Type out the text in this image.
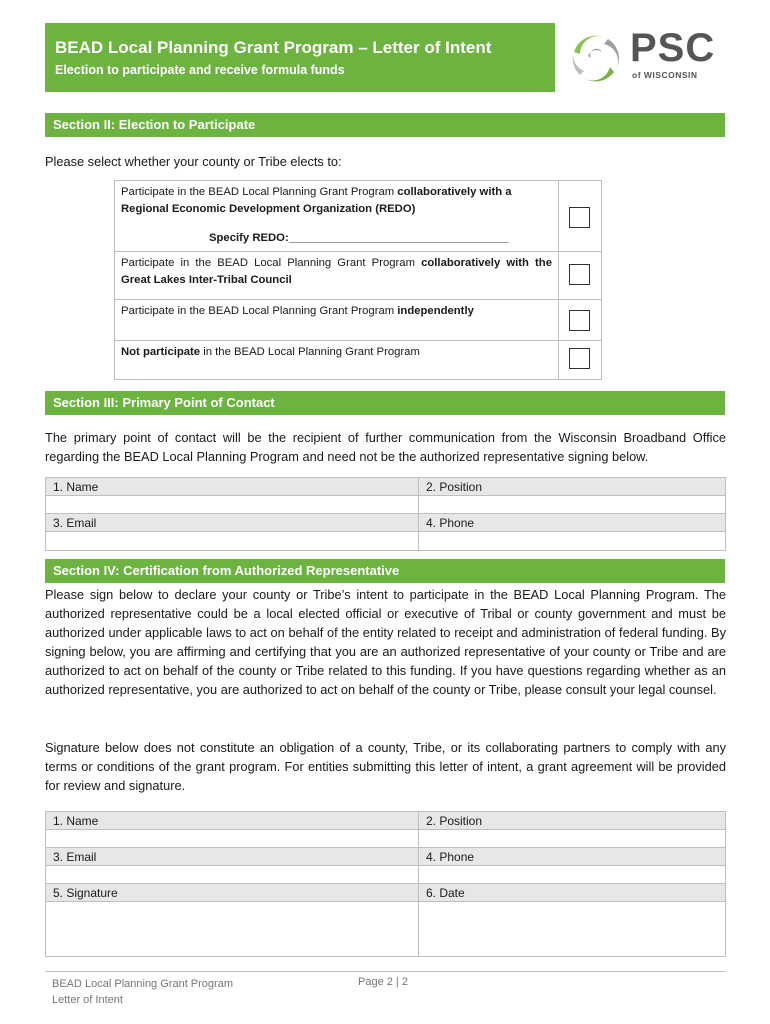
BEAD Local Planning Grant Program – Letter of Intent
Election to participate and receive formula funds	PSC
of WISCONSIN
Section II: Election to Participate
Please select whether your county or Tribe elects to:
Participate in the BEAD Local Planning Grant Program collaboratively with a Regional Economic Development Organization (REDO)
Specify REDO:___________________________________
Participate in the BEAD Local Planning Grant Program collaboratively with the Great Lakes Inter-Tribal Council
Participate in the BEAD Local Planning Grant Program independently
Not participate in the BEAD Local Planning Grant Program
Section III: Primary Point of Contact
The primary point of contact will be the recipient of further communication from the Wisconsin Broadband Office regarding the BEAD Local Planning Program and need not be the authorized representative signing below.
1. Name	2. Position
3. Email	4. Phone
Section IV: Certification from Authorized Representative
Please sign below to declare your county or Tribe’s intent to participate in the BEAD Local Planning Program. The authorized representative could be a local elected official or executive of Tribal or county government and must be authorized under applicable laws to act on behalf of the entity related to receipt and administration of federal funding. By signing below, you are affirming and certifying that you are an authorized representative of your county or Tribe and are authorized to act on behalf of the county or Tribe related to this funding. If you have questions regarding whether as an authorized representative, you are authorized to act on behalf of the county or Tribe, please consult your legal counsel.
Signature below does not constitute an obligation of a county, Tribe, or its collaborating partners to comply with any terms or conditions of the grant program. For entities submitting this letter of intent, a grant agreement will be provided for review and signature.
1. Name	2. Position
3. Email	4. Phone
5. Signature	6. Date
BEAD Local Planning Grant Program
Letter of Intent
Page 2 | 2
